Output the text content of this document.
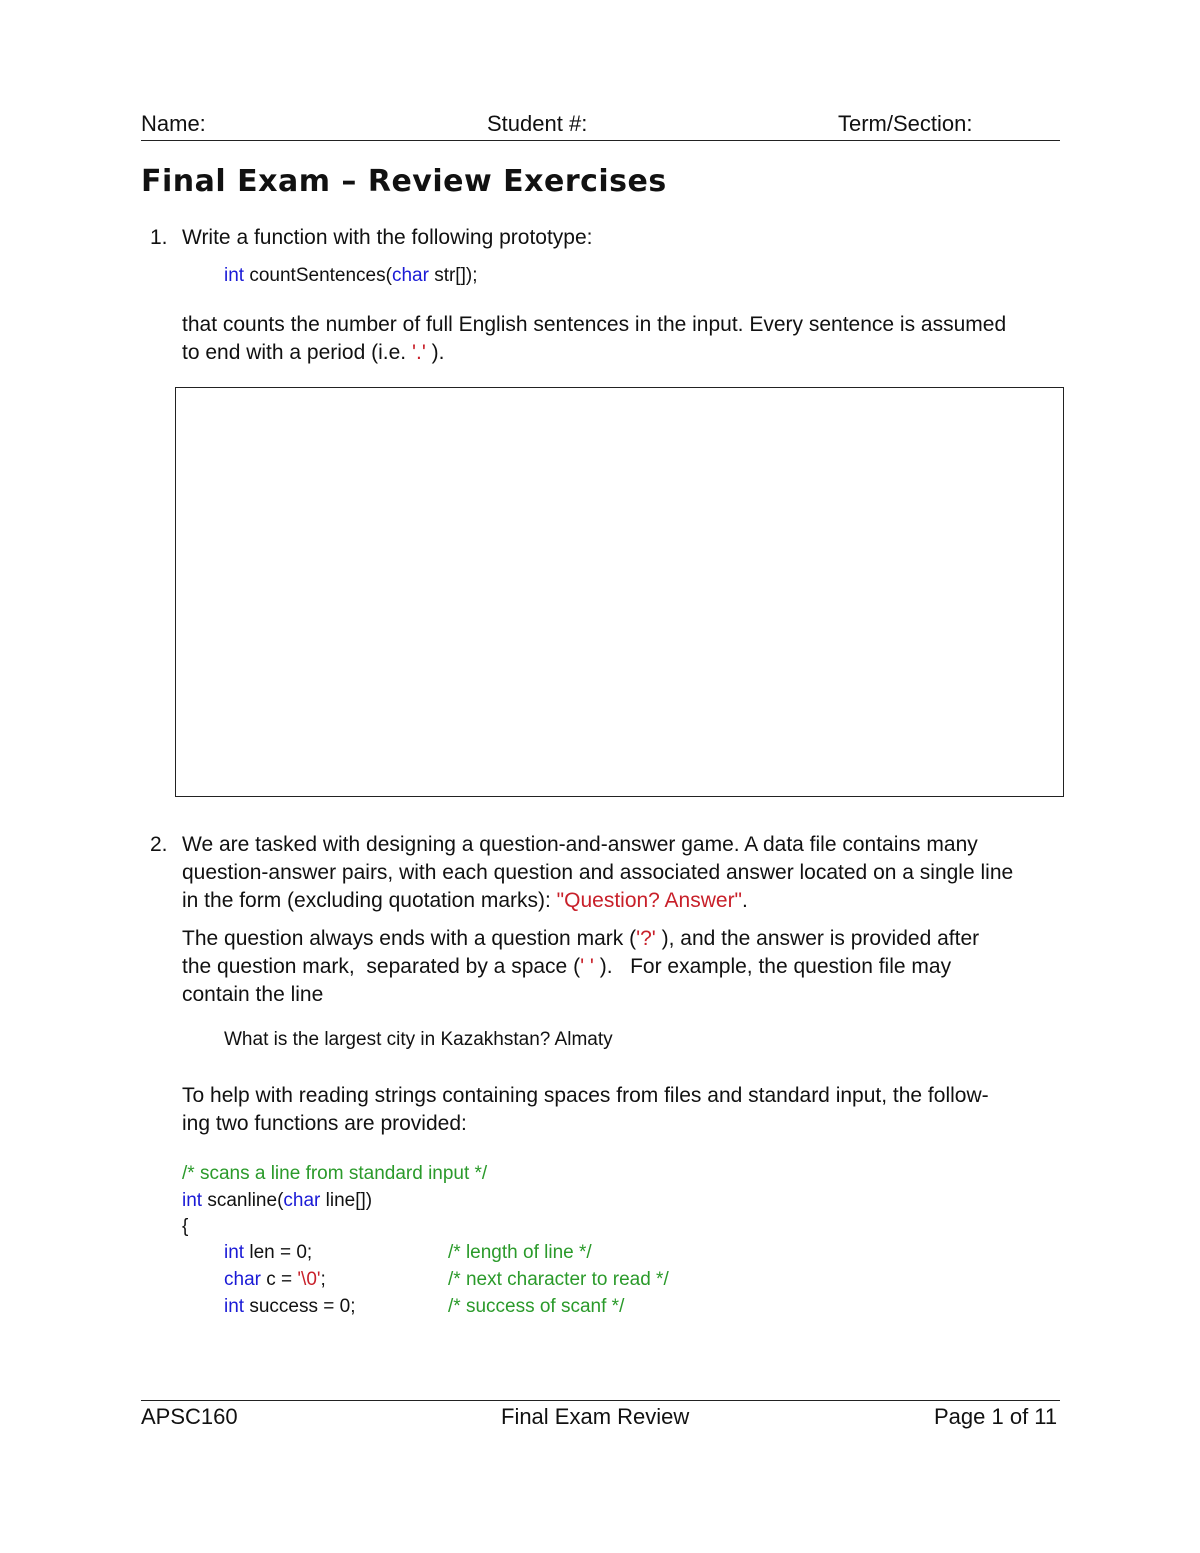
Name:	Student #:	Term/Section:
Final Exam – Review Exercises
1. Write a function with the following prototype:
int countSentences(char str[]);
that counts the number of full English sentences in the input. Every sentence is assumed
to end with a period (i.e. '.' ).
2. We are tasked with designing a question-and-answer game. A data file contains many
question-answer pairs, with each question and associated answer located on a single line
in the form (excluding quotation marks): "Question? Answer".
The question always ends with a question mark ('?' ), and the answer is provided after
the question mark,  separated by a space (' ' ).   For example, the question file may
contain the line
What is the largest city in Kazakhstan? Almaty
To help with reading strings containing spaces from files and standard input, the follow-
ing two functions are provided:
/* scans a line from standard input */
int scanline(char line[])
{
int len = 0;	/* length of line */
char c = '\0';	/* next character to read */
int success = 0;	/* success of scanf */
APSC160	Final Exam Review	Page 1 of 11
